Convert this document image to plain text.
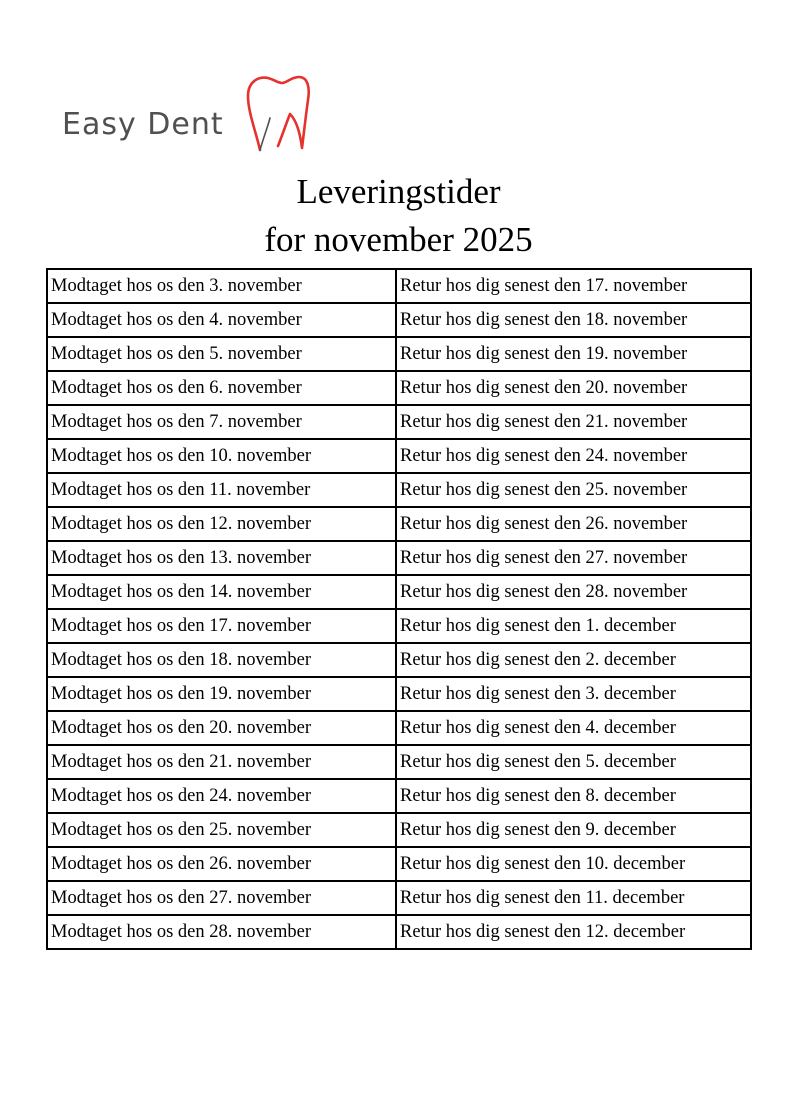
Easy Dent
Leveringstider
for november 2025
Modtaget hos os den 3. november	Retur hos dig senest den 17. november
Modtaget hos os den 4. november	Retur hos dig senest den 18. november
Modtaget hos os den 5. november	Retur hos dig senest den 19. november
Modtaget hos os den 6. november	Retur hos dig senest den 20. november
Modtaget hos os den 7. november	Retur hos dig senest den 21. november
Modtaget hos os den 10. november	Retur hos dig senest den 24. november
Modtaget hos os den 11. november	Retur hos dig senest den 25. november
Modtaget hos os den 12. november	Retur hos dig senest den 26. november
Modtaget hos os den 13. november	Retur hos dig senest den 27. november
Modtaget hos os den 14. november	Retur hos dig senest den 28. november
Modtaget hos os den 17. november	Retur hos dig senest den 1. december
Modtaget hos os den 18. november	Retur hos dig senest den 2. december
Modtaget hos os den 19. november	Retur hos dig senest den 3. december
Modtaget hos os den 20. november	Retur hos dig senest den 4. december
Modtaget hos os den 21. november	Retur hos dig senest den 5. december
Modtaget hos os den 24. november	Retur hos dig senest den 8. december
Modtaget hos os den 25. november	Retur hos dig senest den 9. december
Modtaget hos os den 26. november	Retur hos dig senest den 10. december
Modtaget hos os den 27. november	Retur hos dig senest den 11. december
Modtaget hos os den 28. november	Retur hos dig senest den 12. december
